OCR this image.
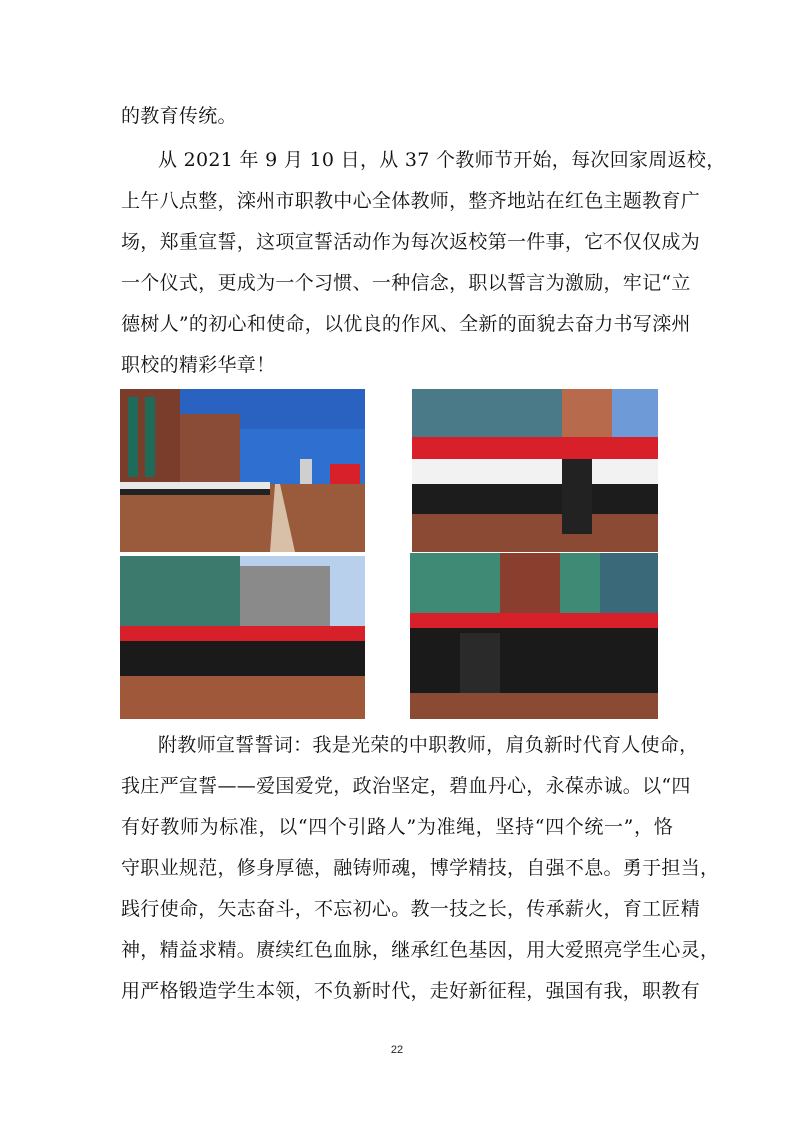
的教育传统。
从 2021 年 9 月 10 日，从 37 个教师节开始，每次回家周返校，
上午八点整，滦州市职教中心全体教师，整齐地站在红色主题教育广
场，郑重宣誓，这项宣誓活动作为每次返校第一件事，它不仅仅成为
一个仪式，更成为一个习惯、一种信念，职以誓言为激励，牢记“立
德树人”的初心和使命，以优良的作风、全新的面貌去奋力书写滦州
职校的精彩华章！
附教师宣誓誓词：我是光荣的中职教师，肩负新时代育人使命，
我庄严宣誓——爱国爱党，政治坚定，碧血丹心，永葆赤诚。以“四
有好教师为标准，以“四个引路人”为准绳，坚持“四个统一”，恪
守职业规范，修身厚德，融铸师魂，博学精技，自强不息。勇于担当，
践行使命，矢志奋斗，不忘初心。教一技之长，传承薪火，育工匠精
神，精益求精。赓续红色血脉，继承红色基因，用大爱照亮学生心灵，
用严格锻造学生本领，不负新时代，走好新征程，强国有我，职教有
22
